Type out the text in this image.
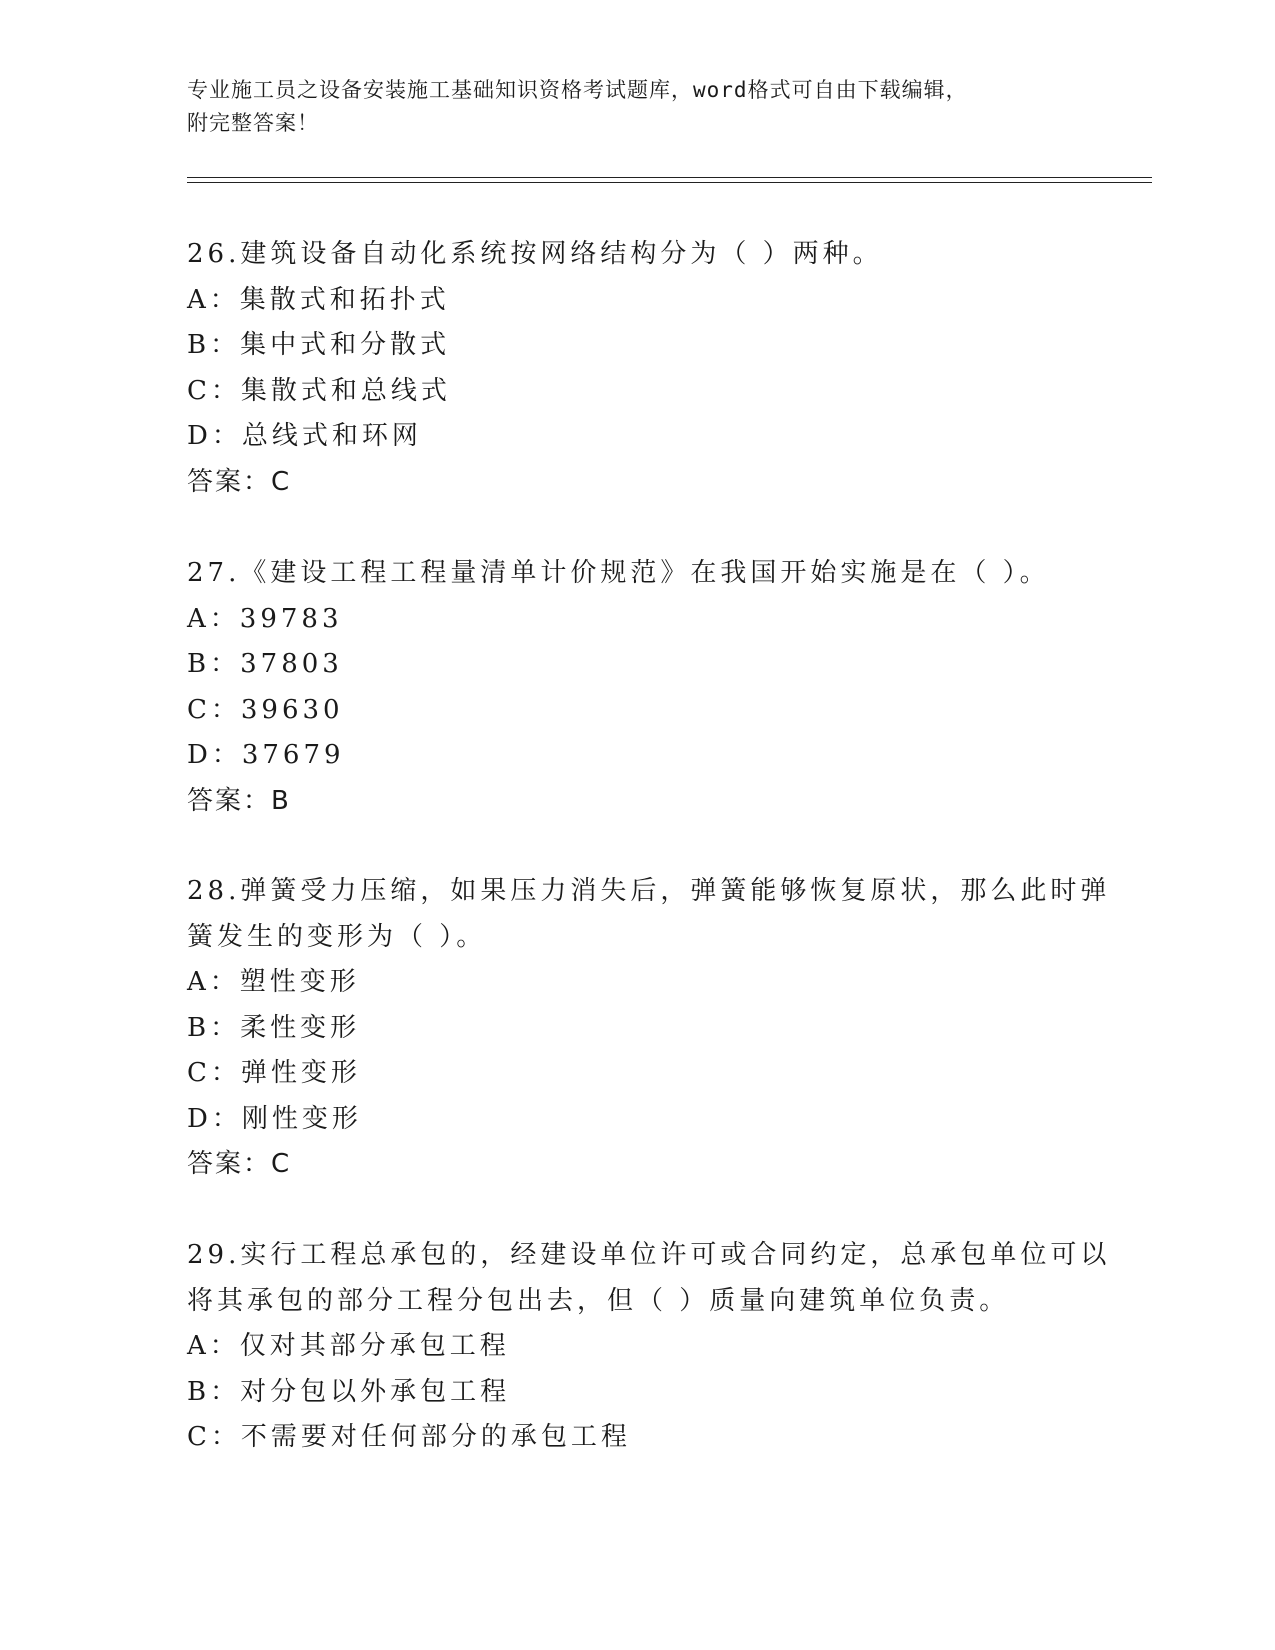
专业施工员之设备安装施工基础知识资格考试题库，word格式可自由下载编辑，
附完整答案！
26.建筑设备自动化系统按网络结构分为（ ）两种。
A：集散式和拓扑式
B：集中式和分散式
C：集散式和总线式
D：总线式和环网
答案：C
27.《建设工程工程量清单计价规范》在我国开始实施是在（ ）。
A：39783
B：37803
C：39630
D：37679
答案：B
28.弹簧受力压缩，如果压力消失后，弹簧能够恢复原状，那么此时弹
簧发生的变形为（ ）。
A：塑性变形
B：柔性变形
C：弹性变形
D：刚性变形
答案：C
29.实行工程总承包的，经建设单位许可或合同约定，总承包单位可以
将其承包的部分工程分包出去，但（ ）质量向建筑单位负责。
A：仅对其部分承包工程
B：对分包以外承包工程
C：不需要对任何部分的承包工程
